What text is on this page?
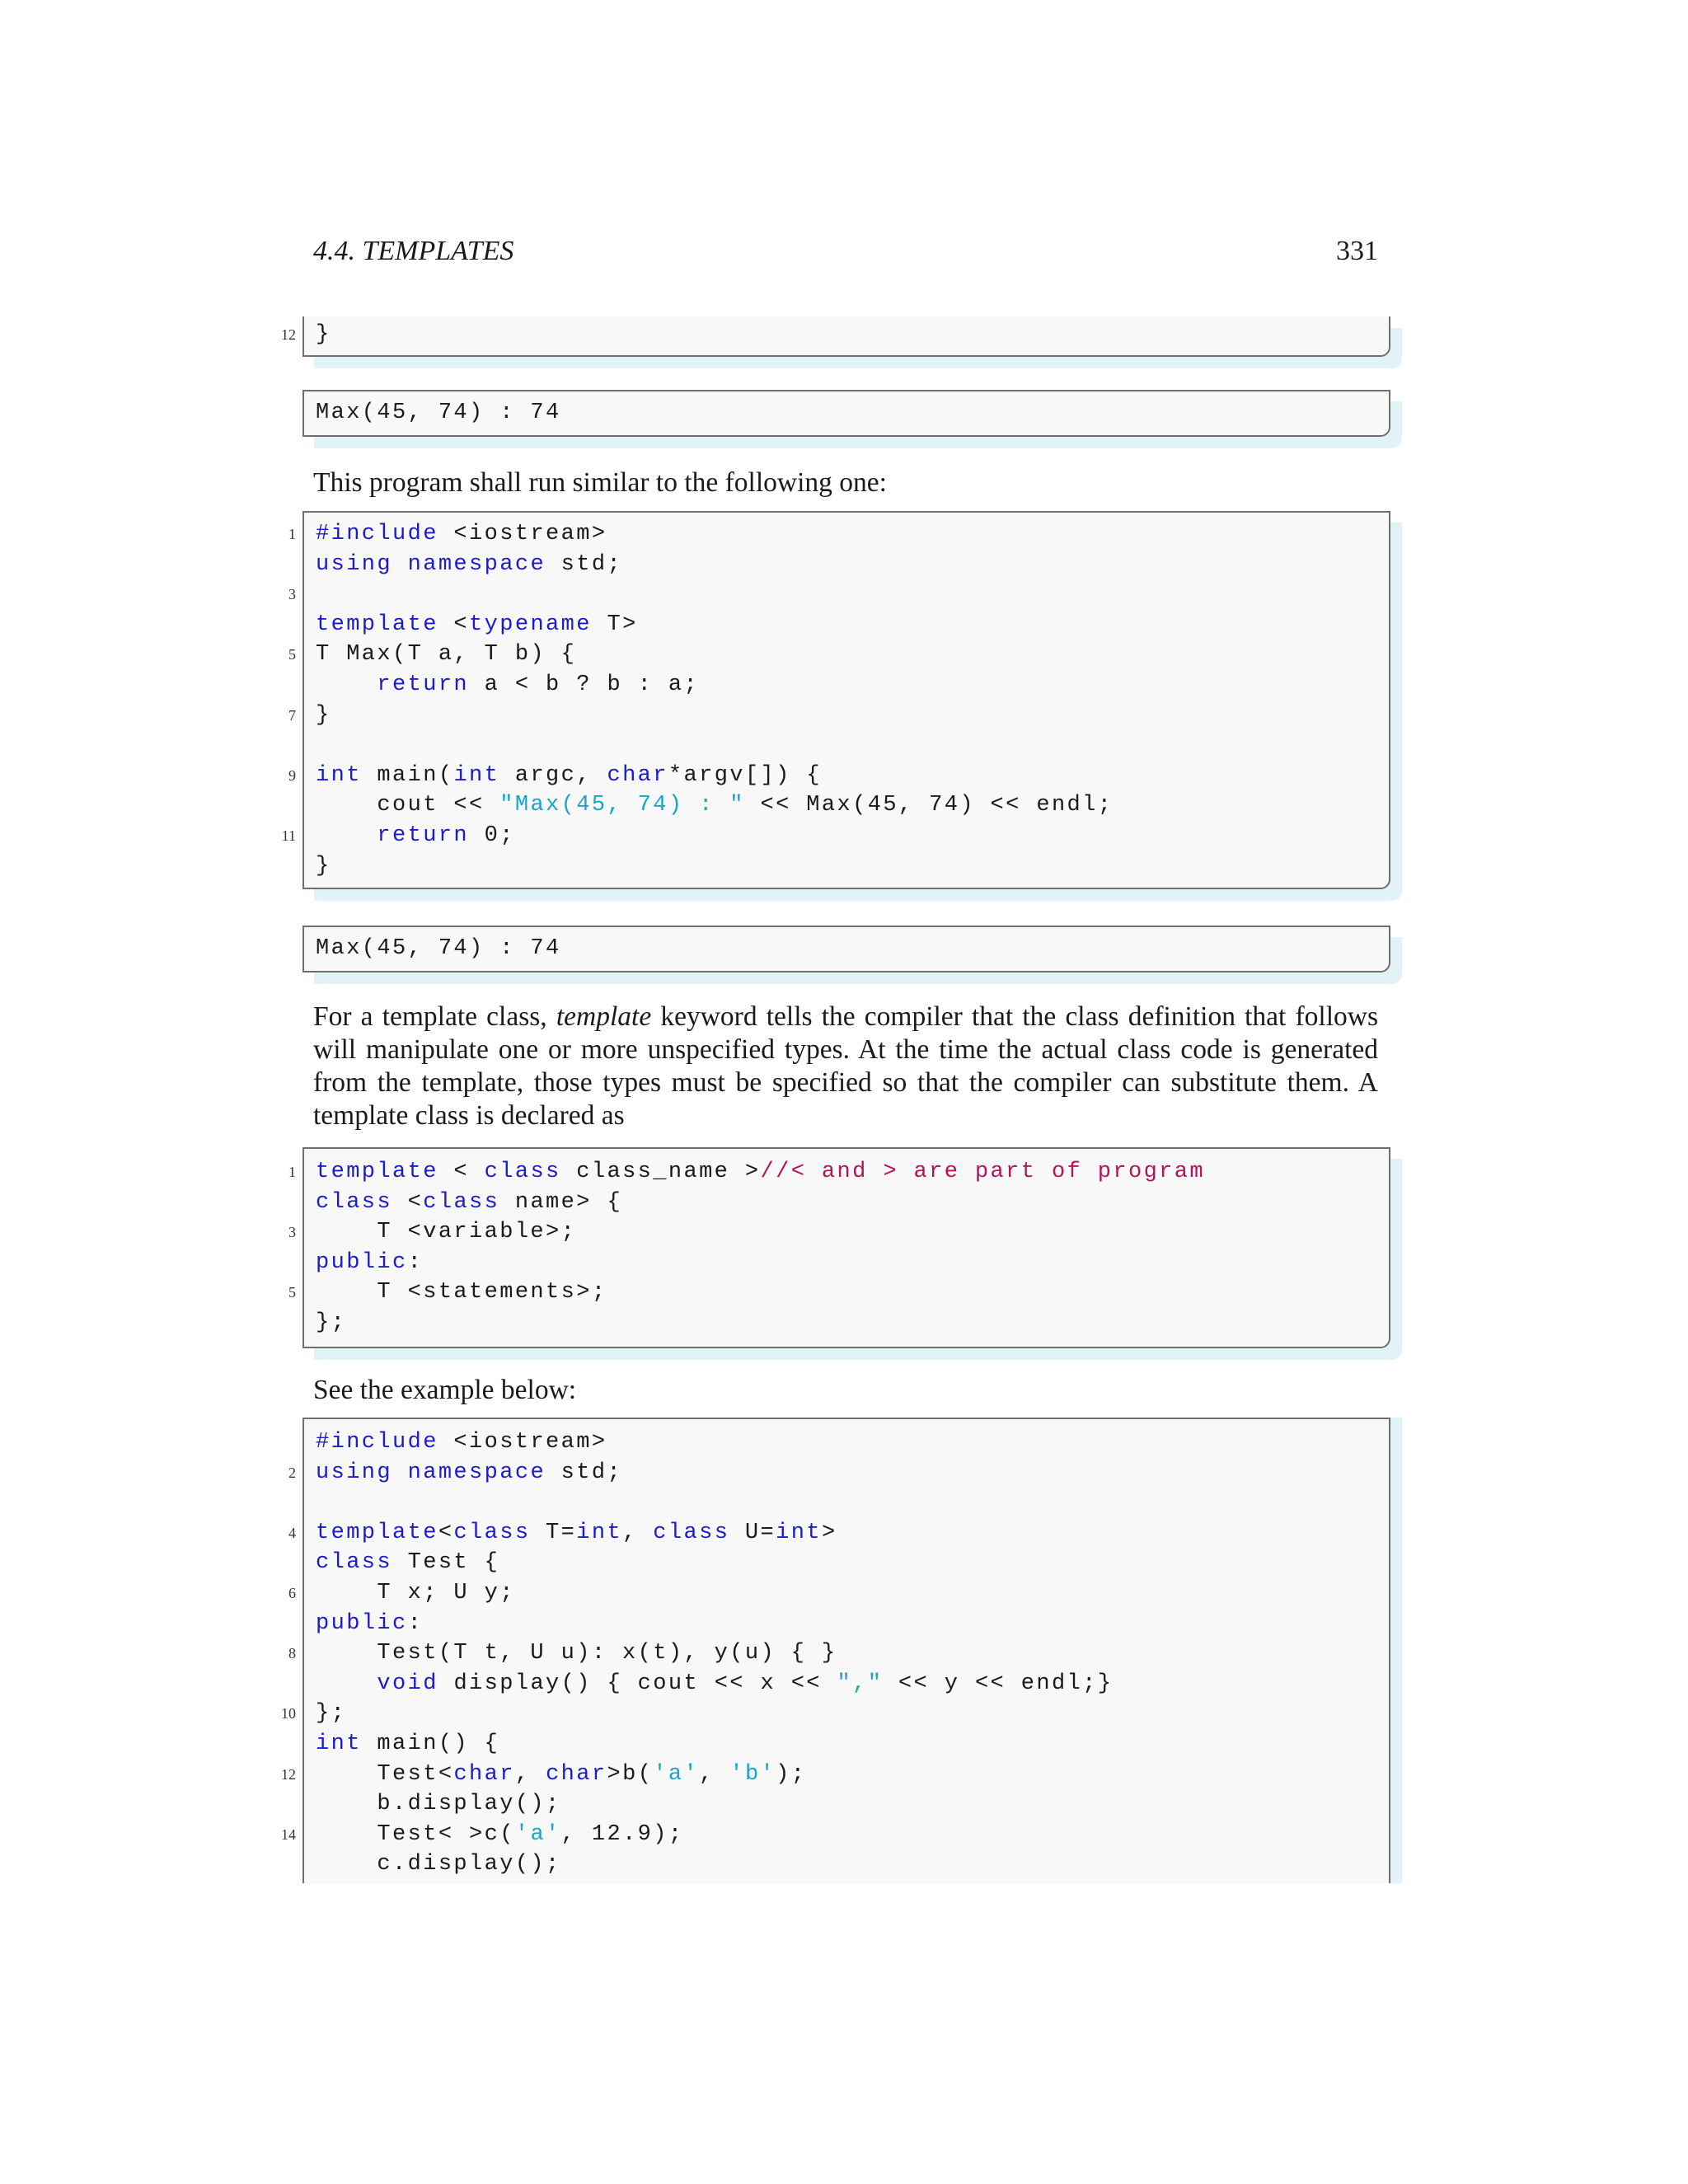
4.4. TEMPLATES	331
12 }
Max(45, 74) : 74
This program shall run similar to the following one:
1 #include <iostream>
using namespace std;
3
template <typename T>
5 T Max(T a, T b) {
return a < b ? b : a;
7 }
9 int main(int argc, char*argv[]) {
cout << "Max(45, 74) : " << Max(45, 74) << endl;
11	return 0;
}
Max(45, 74) : 74
For a template class, template keyword tells the compiler that the class definition that follows will manipulate one or more unspecified types. At the time the actual class code is generated from the template, those types must be specified so that the compiler can substitute them. A template class is declared as
1 template < class class_name >//< and > are part of program
class <class name> {
3 T <variable>;
public:
5 T <statements>;
};
See the example below:
#include <iostream>
2 using namespace std;
4 template<class T=int, class U=int>
class Test {
6 T x; U y;
public:
8 Test(T t, U u): x(t), y(u) { }
void display() { cout << x << "," << y << endl;}
10 };
int main() {
12 Test<char, char>b('a', 'b');
b.display();
14 Test< >c('a', 12.9);
c.display();
